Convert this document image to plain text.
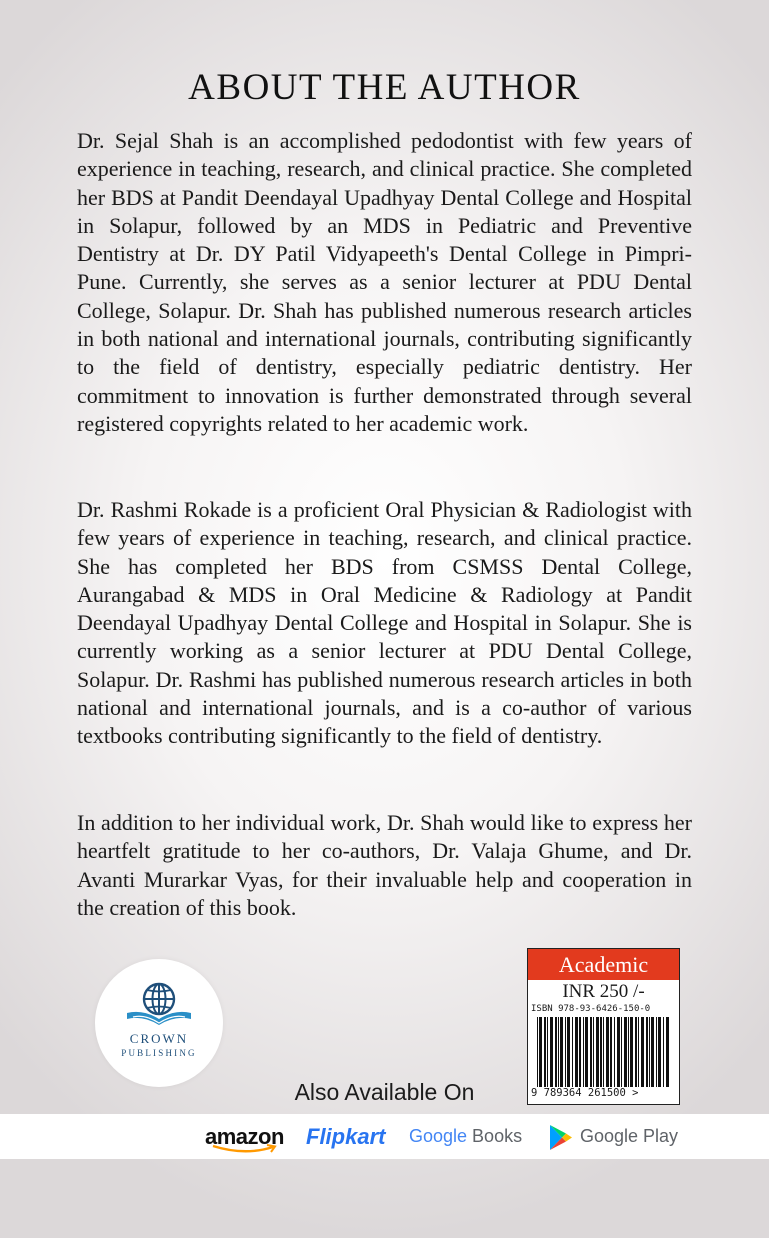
ABOUT THE AUTHOR

Dr. Sejal Shah is an accomplished pedodontist with few years of experience in teaching, research, and clinical practice. She completed her BDS at Pandit Deendayal Upadhyay Dental College and Hospital in Solapur, followed by an MDS in Pediatric and Preventive Dentistry at Dr. DY Patil Vidyapeeth's Dental College in Pimpri-Pune. Currently, she serves as a senior lecturer at PDU Dental College, Solapur. Dr. Shah has published numerous research articles in both national and international journals, contributing significantly to the field of dentistry, especially pediatric dentistry. Her commitment to innovation is further demonstrated through several registered copyrights related to her academic work.

Dr. Rashmi Rokade is a proficient Oral Physician & Radiologist with few years of experience in teaching, research, and clinical practice. She has completed her BDS from CSMSS Dental College, Aurangabad & MDS in Oral Medicine & Radiology at Pandit Deendayal Upadhyay Dental College and Hospital in Solapur. She is currently working as a senior lecturer at PDU Dental College, Solapur. Dr. Rashmi has published numerous research articles in both national and international journals, and is a co-author of various textbooks contributing significantly to the field of dentistry.

In addition to her individual work, Dr. Shah would like to express her heartfelt gratitude to her co-authors, Dr. Valaja Ghume, and Dr. Avanti Murarkar Vyas, for their invaluable help and cooperation in the creation of this book.

CROWN
PUBLISHING
Academic
INR 250 /-
ISBN 978-93-6426-150-0
9 789364 261500 >
Also Available On
amazon Flipkart Google Books	Google Play
